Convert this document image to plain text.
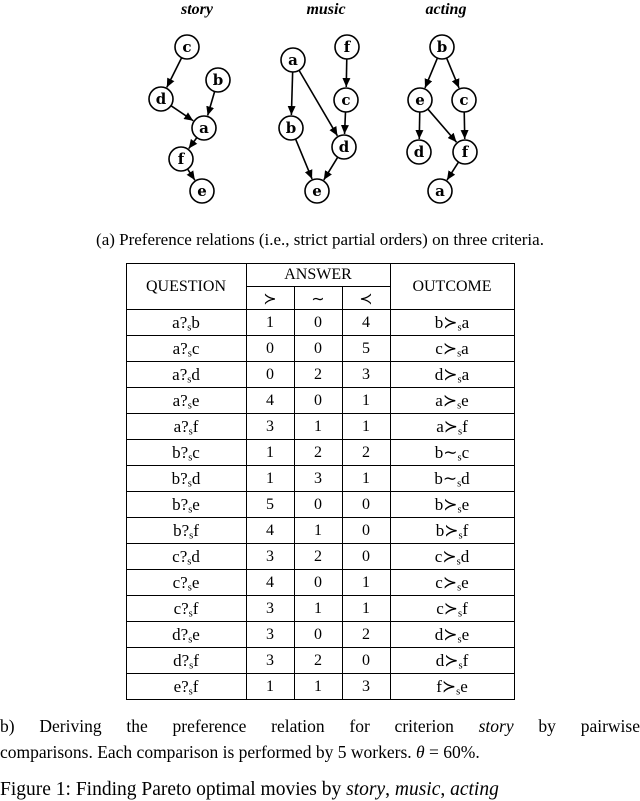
story
c
b
d
a
f
e
music
a
f
c
b
d
e
acting
b
e c
d	f
a
(a) Preference relations (i.e., strict partial orders) on three criteria.
QUESTION	ANSWER			OUTCOME
	≻	∼	≺	
$a?_sb$	1	0	4	$b≻_sa$
$a?_sc$	0	0	5	$c≻_sa$
$a?_sd$	0	2	3	$d≻_sa$
$a?_se$	4	0	1	$a≻_se$
$a?_sf$	3	1	1	$a≻_sf$
$b?_sc$	1	2	2	$b\sim_sc$
$b?_sd$	1	3	1	$b\sim_sd$
$b?_se$	5	0	0	$b≻_se$
$b?_sf$	4	1	0	$b≻_sf$
$c?_sd$	3	2	0	$c≻_sd$
$c?_se$	4	0	1	$c≻_se$
$c?_sf$	3	1	1	$c≻_sf$
$d?_se$	3	0	2	$d≻_se$
$d?_sf$	3	2	0	$d≻_sf$
$e?_sf$	1	1	3	$f≻_se$
b) Deriving the preference relation for criterion story by pairwise
comparisons. Each comparison is performed by 5 workers. θ = 60%.
Figure 1: Finding Pareto optimal movies by story, music, acting
